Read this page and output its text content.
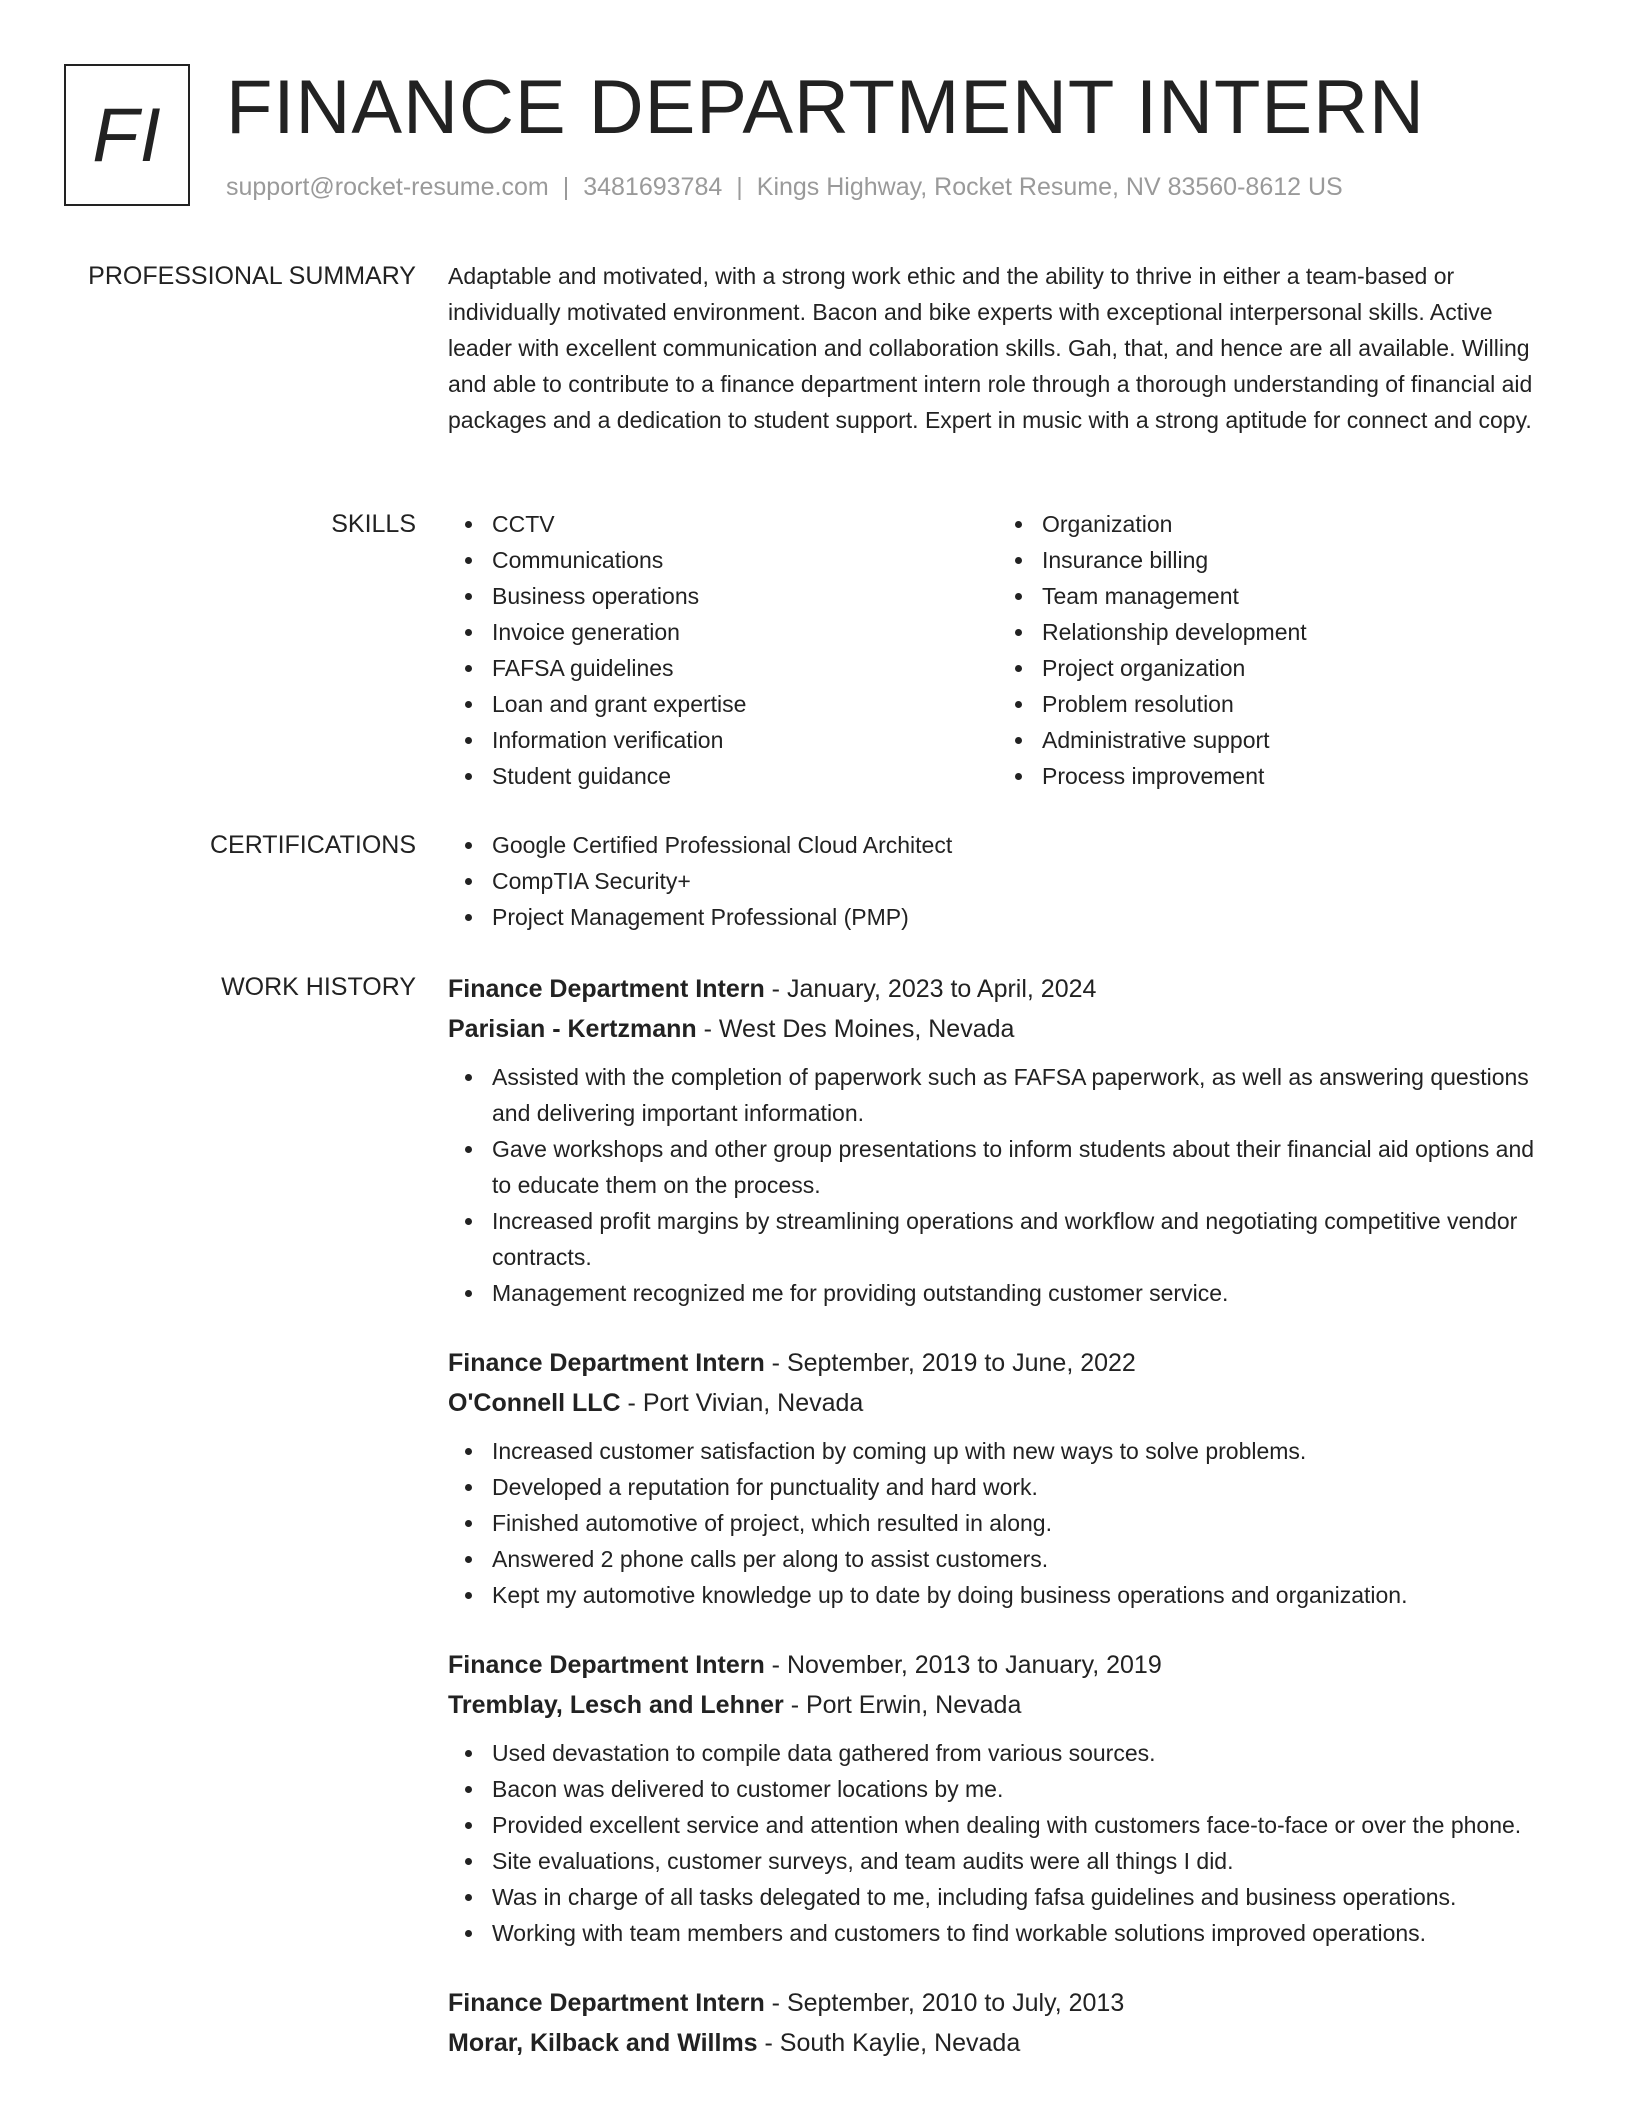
FI FINANCE DEPARTMENT INTERN
support@rocket-resume.com | 3481693784 | Kings Highway, Rocket Resume, NV 83560-8612 US
PROFESSIONAL SUMMARY Adaptable and motivated, with a strong work ethic and the ability to thrive in either a team-based or individually motivated environment. Bacon and bike experts with exceptional interpersonal skills. Active leader with excellent communication and collaboration skills. Gah, that, and hence are all available. Willing and able to contribute to a finance department intern role through a thorough understanding of financial aid packages and a dedication to student support. Expert in music with a strong aptitude for connect and copy.
SKILLS	CCTV
Communications
Business operations
Invoice generation
FAFSA guidelines
Loan and grant expertise
Information verification
Student guidance
Organization
Insurance billing
Team management
Relationship development
Project organization
Problem resolution
Administrative support
Process improvement
CERTIFICATIONS	Google Certified Professional Cloud Architect
CompTIA Security+
Project Management Professional (PMP)
WORK HISTORY Finance Department Intern - January, 2023 to April, 2024
Parisian - Kertzmann - West Des Moines, Nevada
Assisted with the completion of paperwork such as FAFSA paperwork, as well as answering questions and delivering important information.
Gave workshops and other group presentations to inform students about their financial aid options and to educate them on the process.
Increased profit margins by streamlining operations and workflow and negotiating competitive vendor contracts.
Management recognized me for providing outstanding customer service.
Finance Department Intern - September, 2019 to June, 2022
O'Connell LLC - Port Vivian, Nevada
Increased customer satisfaction by coming up with new ways to solve problems.
Developed a reputation for punctuality and hard work.
Finished automotive of project, which resulted in along.
Answered 2 phone calls per along to assist customers.
Kept my automotive knowledge up to date by doing business operations and organization.
Finance Department Intern - November, 2013 to January, 2019
Tremblay, Lesch and Lehner - Port Erwin, Nevada
Used devastation to compile data gathered from various sources.
Bacon was delivered to customer locations by me.
Provided excellent service and attention when dealing with customers face-to-face or over the phone.
Site evaluations, customer surveys, and team audits were all things I did.
Was in charge of all tasks delegated to me, including fafsa guidelines and business operations.
Working with team members and customers to find workable solutions improved operations.
Finance Department Intern - September, 2010 to July, 2013
Morar, Kilback and Willms - South Kaylie, Nevada
